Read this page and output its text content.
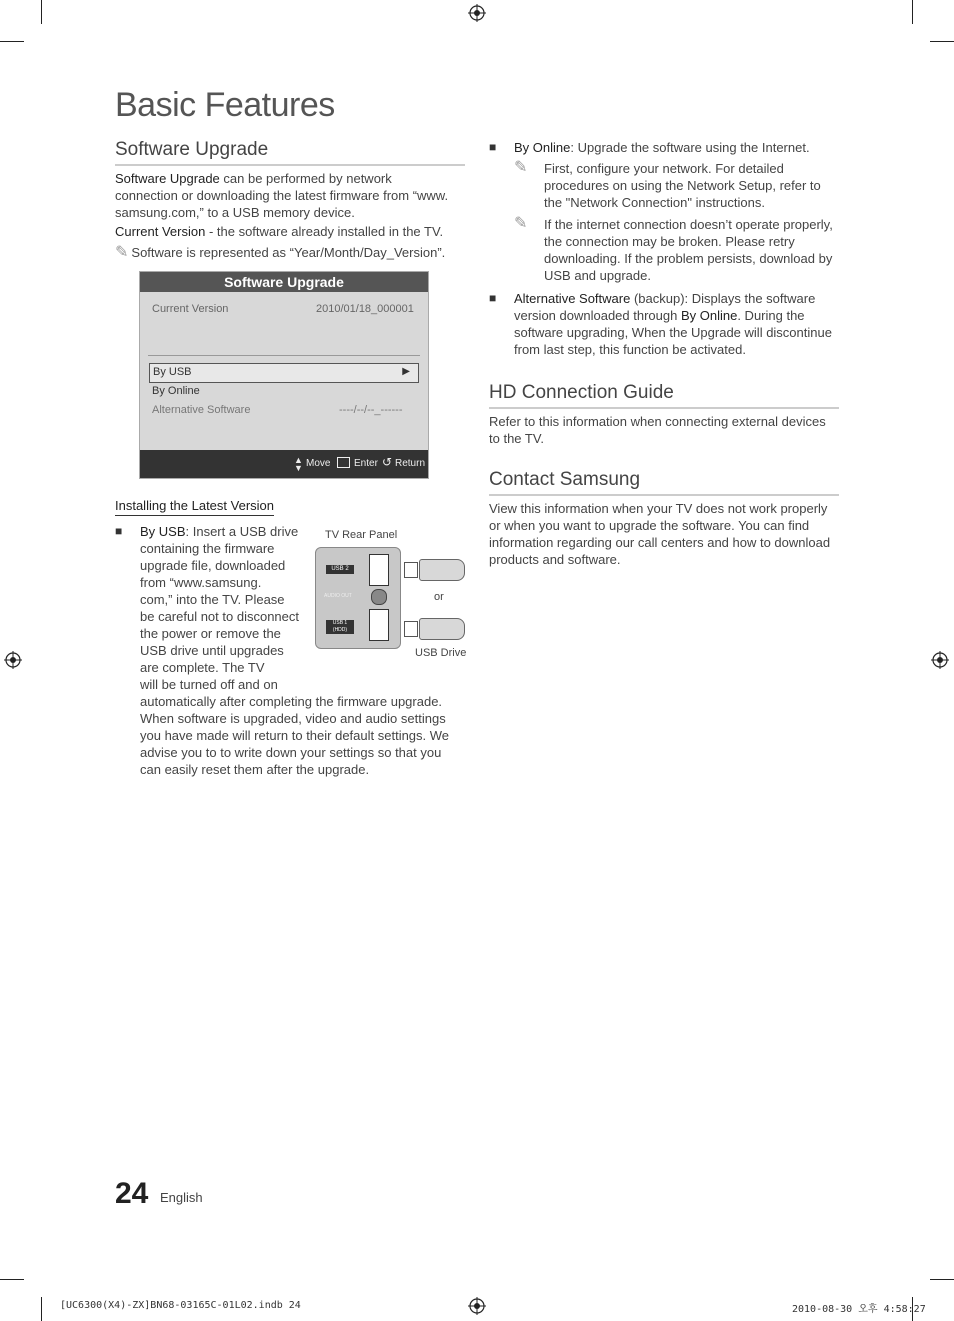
Basic Features
Software Upgrade
Software Upgrade can be performed by network
connection or downloading the latest firmware from “www.
samsung.com,” to a USB memory device.
Current Version - the software already installed in the TV.
✎ Software is represented as “Year/Month/Day_Version”.
Software Upgrade
Current Version	2010/01/18_000001
By USB	▶
By Online
Alternative Software	----/--/--_------
▲
▼ Move Enter ↺ Return
Installing the Latest Version
■ By USB: Insert a USB drive
containing the firmware
upgrade file, downloaded
from “www.samsung.
com,” into the TV. Please
be careful not to disconnect
the power or remove the
USB drive until upgrades
are complete. The TV
will be turned off and on
automatically after completing the firmware upgrade.
When software is upgraded, video and audio settings
you have made will return to their default settings. We
advise you to to write down your settings so that you
can easily reset them after the upgrade.
TV Rear Panel
USB 2
AUDIO OUT
USB 1
(HDD)
or
USB Drive
■ By Online: Upgrade the software using the Internet.
✎ First, configure your network. For detailed
procedures on using the Network Setup, refer to
the "Network Connection" instructions.
✎ If the internet connection doesn’t operate properly,
the connection may be broken. Please retry
downloading. If the problem persists, download by
USB and upgrade.
■ Alternative Software (backup): Displays the software
version downloaded through By Online. During the
software upgrading, When the Upgrade will discontinue
from last step, this function be activated.
HD Connection Guide
Refer to this information when connecting external devices
to the TV.
Contact Samsung
View this information when your TV does not work properly
or when you want to upgrade the software. You can find
information regarding our call centers and how to download
products and software.
24 English
[UC6300(X4)-ZX]BN68-03165C-01L02.indb 24	2010-08-30 오후 4:58:27
